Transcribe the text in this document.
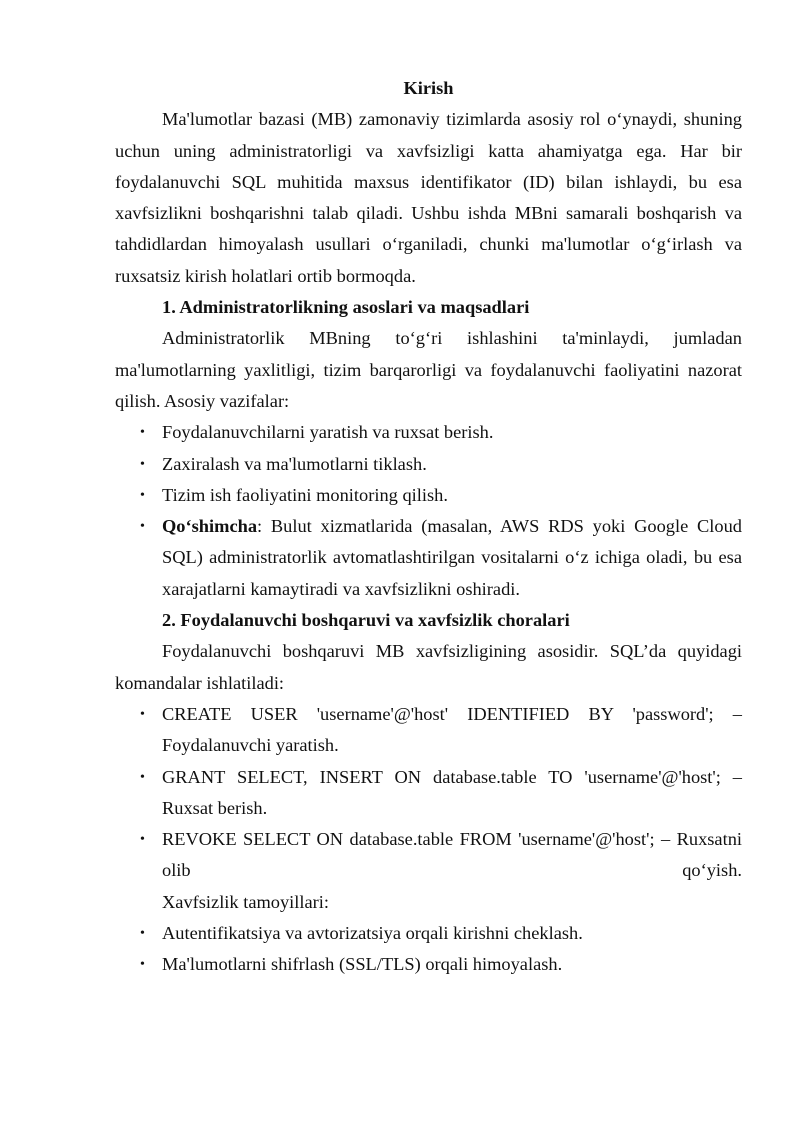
Kirish

Ma'lumotlar bazasi (MB) zamonaviy tizimlarda asosiy rol o‘ynaydi, shuning uchun uning administratorligi va xavfsizligi katta ahamiyatga ega. Har bir foydalanuvchi SQL muhitida maxsus identifikator (ID) bilan ishlaydi, bu esa xavfsizlikni boshqarishni talab qiladi. Ushbu ishda MBni samarali boshqarish va tahdidlardan himoyalash usullari o‘rganiladi, chunki ma'lumotlar o‘g‘irlash va ruxsatsiz kirish holatlari ortib bormoqda.

1. Administratorlikning asoslari va maqsadlari

Administratorlik MBning to‘g‘ri ishlashini ta'minlaydi, jumladan ma'lumotlarning yaxlitligi, tizim barqarorligi va foydalanuvchi faoliyatini nazorat qilish. Asosiy vazifalar:

• Foydalanuvchilarni yaratish va ruxsat berish.
• Zaxiralash va ma'lumotlarni tiklash.
• Tizim ish faoliyatini monitoring qilish.
• Qo‘shimcha: Bulut xizmatlarida (masalan, AWS RDS yoki Google Cloud SQL) administratorlik avtomatlashtirilgan vositalarni o‘z ichiga oladi, bu esa xarajatlarni kamaytiradi va xavfsizlikni oshiradi.

2. Foydalanuvchi boshqaruvi va xavfsizlik choralari

Foydalanuvchi boshqaruvi MB xavfsizligining asosidir. SQL’da quyidagi komandalar ishlatiladi:

• CREATE USER 'username'@'host' IDENTIFIED BY 'password'; – Foydalanuvchi yaratish.
• GRANT SELECT, INSERT ON database.table TO 'username'@'host'; – Ruxsat berish.
• REVOKE SELECT ON database.table FROM 'username'@'host'; – Ruxsatni olib qo‘yish.

Xavfsizlik tamoyillari:

• Autentifikatsiya va avtorizatsiya orqali kirishni cheklash.
• Ma'lumotlarni shifrlash (SSL/TLS) orqali himoyalash.
